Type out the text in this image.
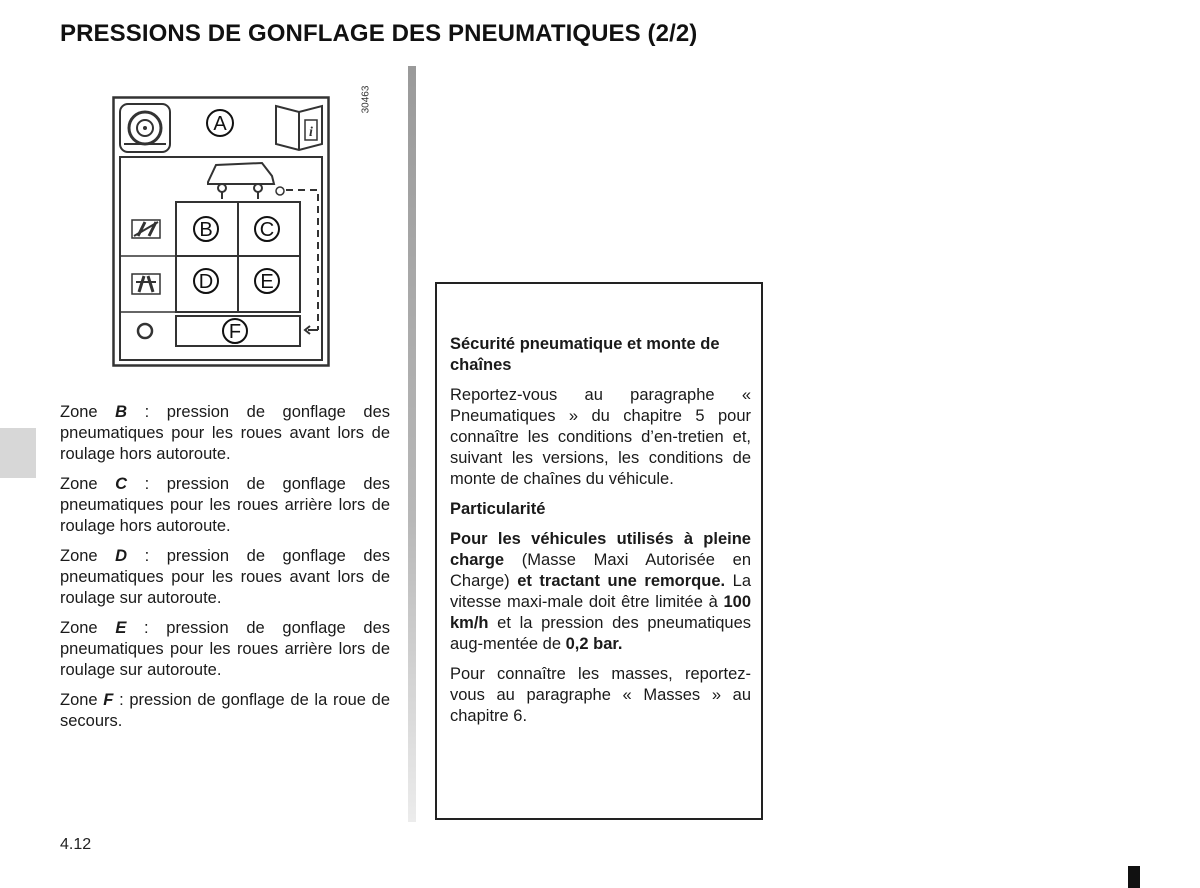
PRESSIONS DE GONFLAGE DES PNEUMATIQUES (2/2)
30463
A	i
B C
D E
F

Zone B : pression de gonflage des pneumatiques pour les roues avant lors de roulage hors autoroute.

Zone C : pression de gonflage des pneumatiques pour les roues arrière lors de roulage hors autoroute.

Zone D : pression de gonflage des pneumatiques pour les roues avant lors de roulage sur autoroute.

Zone E : pression de gonflage des pneumatiques pour les roues arrière lors de roulage sur autoroute.

Zone F : pression de gonflage de la roue de secours.

Sécurité pneumatique et monte de chaînes

Reportez-vous au paragraphe « Pneumatiques » du chapitre 5 pour connaître les conditions d’en-tretien et, suivant les versions, les conditions de monte de chaînes du véhicule.

Particularité

Pour les véhicules utilisés à pleine charge (Masse Maxi Autorisée en Charge) et tractant une remorque. La vitesse maxi-male doit être limitée à 100 km/h et la pression des pneumatiques aug-mentée de 0,2 bar.

Pour connaître les masses, reportez-vous au paragraphe « Masses » au chapitre 6.

4.12
